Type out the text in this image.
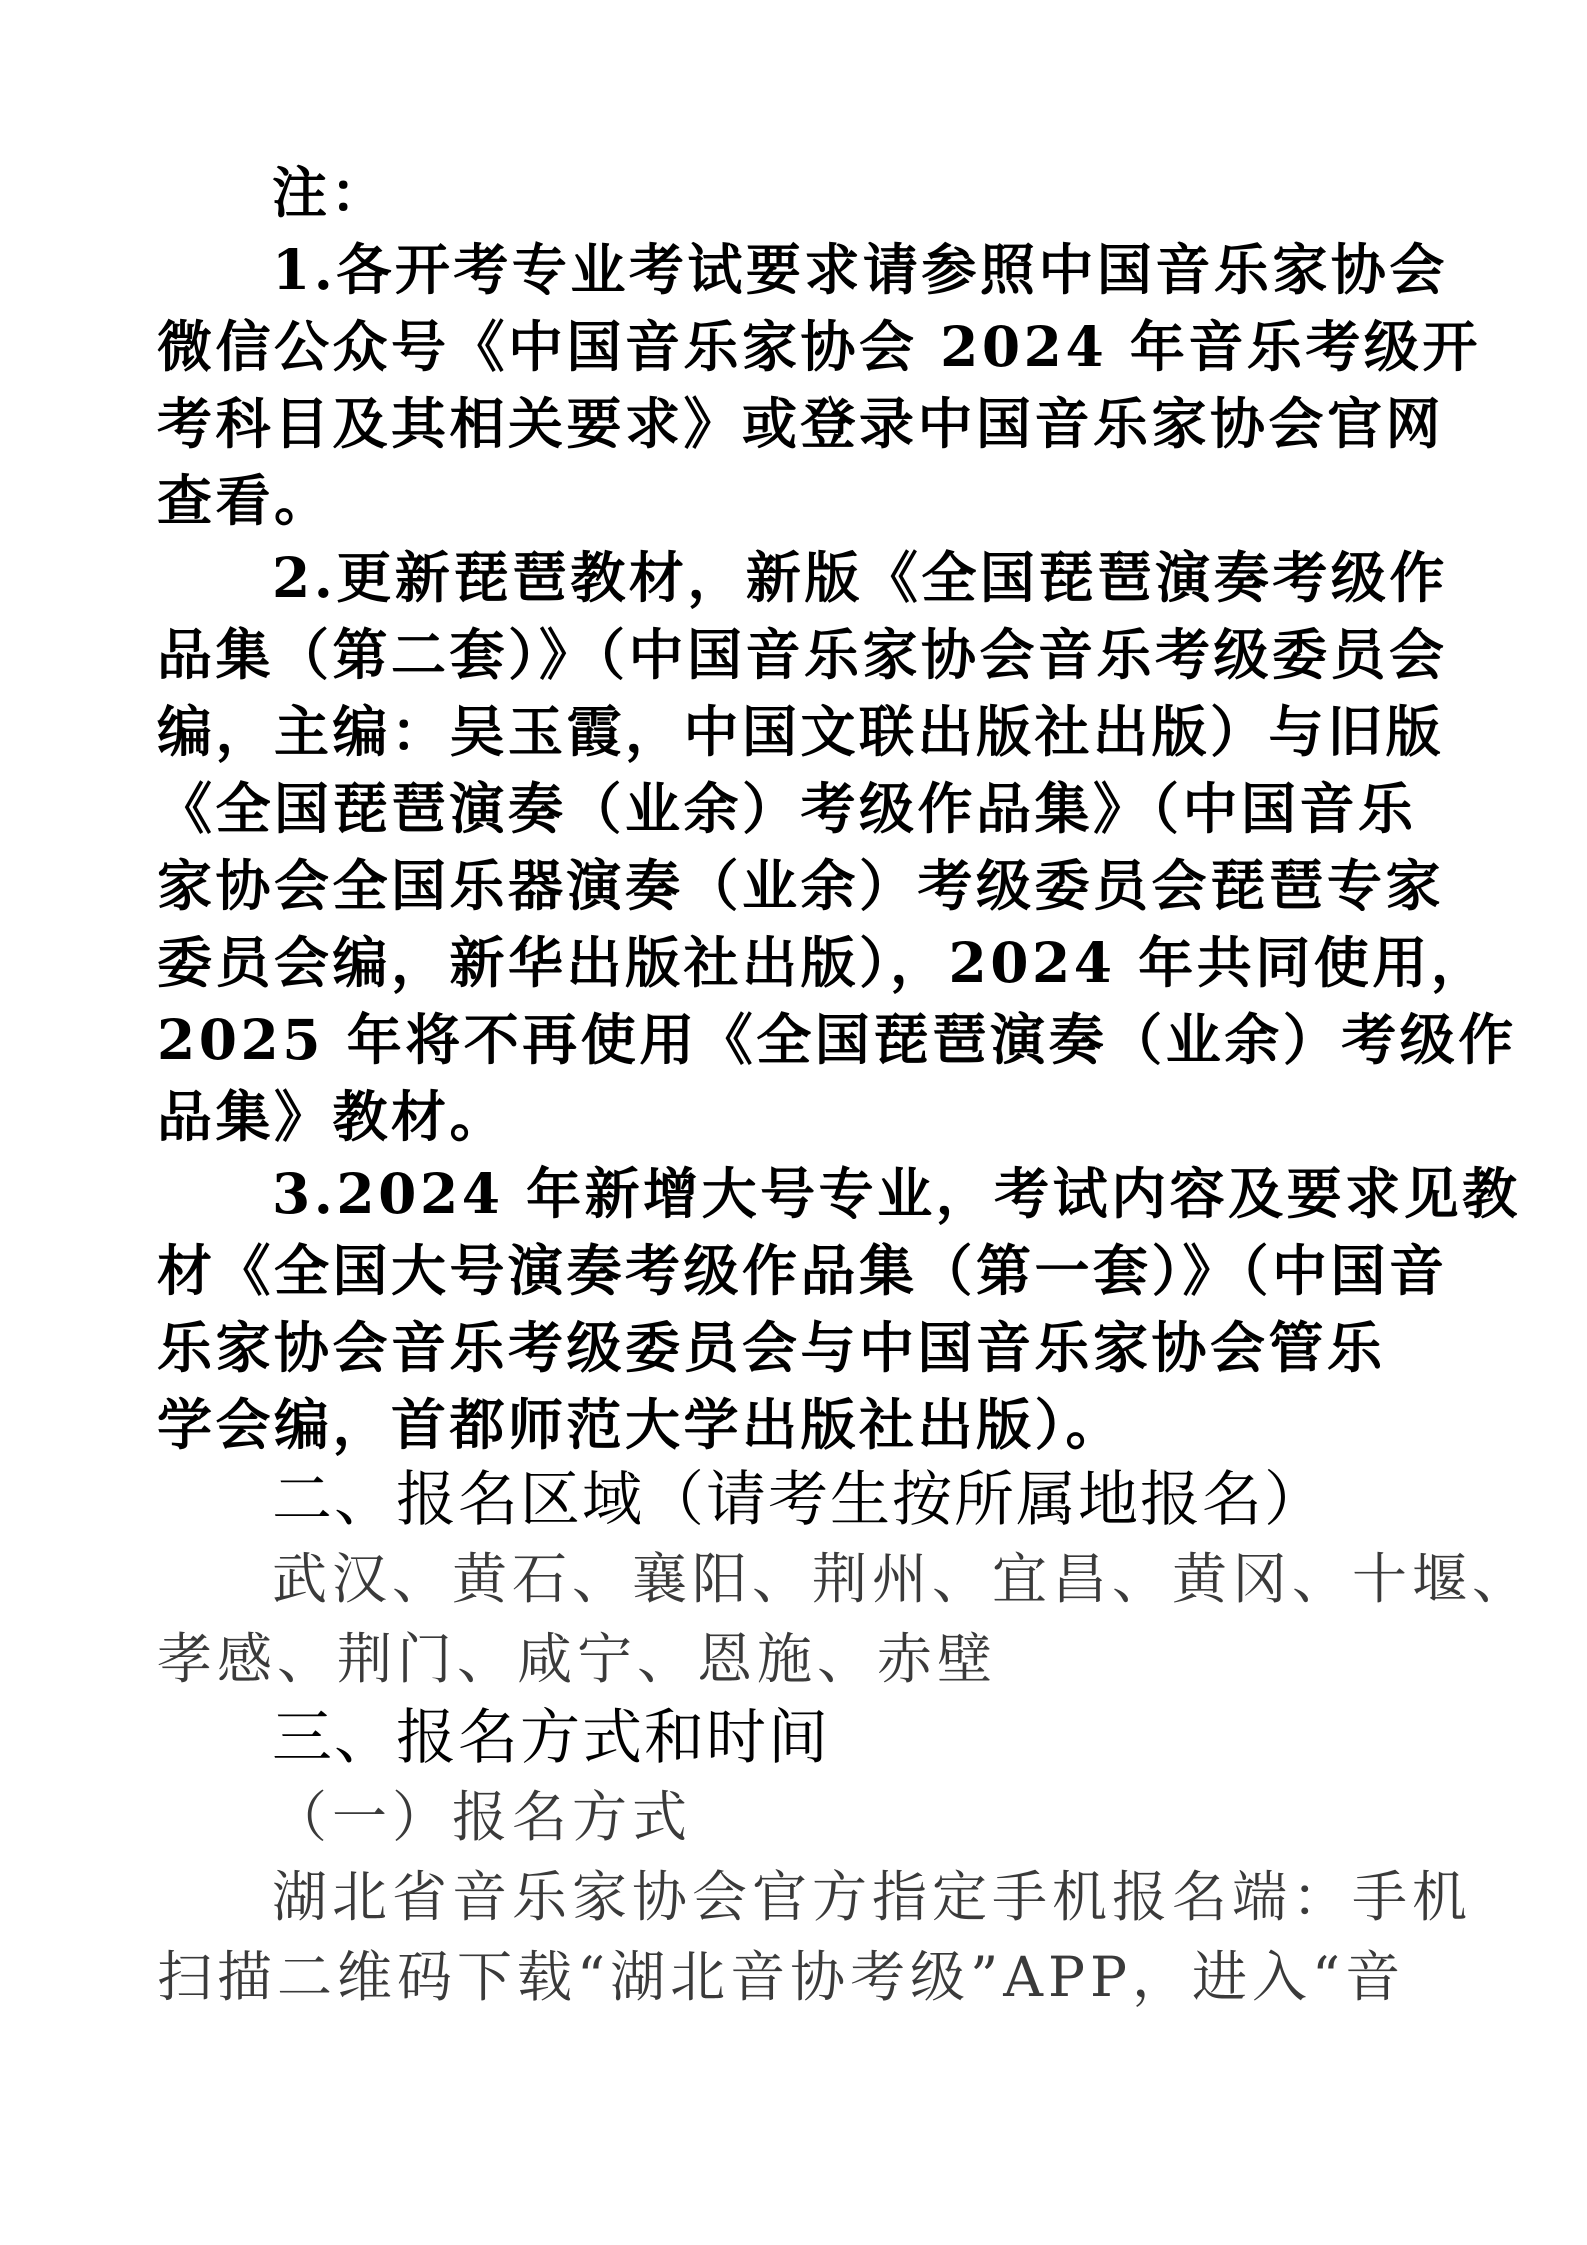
注：
1.各开考专业考试要求请参照中国音乐家协会
微信公众号《中国音乐家协会 2024 年音乐考级开
考科目及其相关要求》或登录中国音乐家协会官网
查看。
2.更新琵琶教材，新版《全国琵琶演奏考级作
品集（第二套）》（中国音乐家协会音乐考级委员会
编，主编：吴玉霞，中国文联出版社出版）与旧版
《全国琵琶演奏（业余）考级作品集》（中国音乐
家协会全国乐器演奏（业余）考级委员会琵琶专家
委员会编，新华出版社出版），2024 年共同使用，
2025 年将不再使用《全国琵琶演奏（业余）考级作
品集》教材。
3.2024 年新增大号专业，考试内容及要求见教
材《全国大号演奏考级作品集（第一套）》（中国音
乐家协会音乐考级委员会与中国音乐家协会管乐
学会编，首都师范大学出版社出版）。
二、报名区域（请考生按所属地报名）
武汉、黄石、襄阳、荆州、宜昌、黄冈、十堰、
孝感、荆门、咸宁、恩施、赤壁
三、报名方式和时间
（一）报名方式
湖北省音乐家协会官方指定手机报名端：手机
扫描二维码下载“湖北音协考级”APP，进入“音
